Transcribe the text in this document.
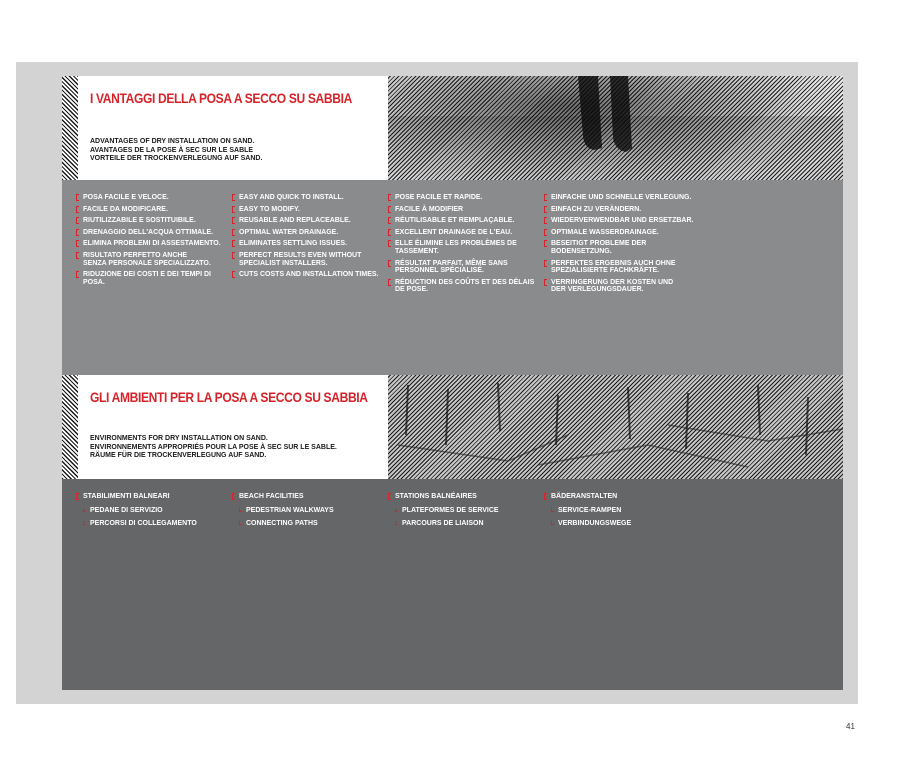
I VANTAGGI DELLA POSA A SECCO SU SABBIA
ADVANTAGES OF DRY INSTALLATION ON SAND.
AVANTAGES DE LA POSE À SEC SUR LE SABLE
VORTEILE DER TROCKENVERLEGUNG AUF SAND.
POSA FACILE E VELOCE.
FACILE DA MODIFICARE.
RIUTILIZZABILE E SOSTITUIBILE.
DRENAGGIO DELL'ACQUA OTTIMALE.
ELIMINA PROBLEMI DI ASSESTAMENTO.
RISULTATO PERFETTO ANCHE SENZA PERSONALE SPECIALIZZATO.
RIDUZIONE DEI COSTI E DEI TEMPI DI POSA.
EASY AND QUICK TO INSTALL.
EASY TO MODIFY.
REUSABLE AND REPLACEABLE.
OPTIMAL WATER DRAINAGE.
ELIMINATES SETTLING ISSUES.
PERFECT RESULTS EVEN WITHOUT SPECIALIST INSTALLERS.
CUTS COSTS AND INSTALLATION TIMES.
POSE FACILE ET RAPIDE.
FACILE À MODIFIER
RÉUTILISABLE ET REMPLAÇABLE.
EXCELLENT DRAINAGE DE L'EAU.
ELLE ÉLIMINE LES PROBLÈMES DE TASSEMENT.
RÉSULTAT PARFAIT, MÊME SANS PERSONNEL SPÉCIALISÉ.
RÉDUCTION DES COÛTS ET DES DÉLAIS DE POSE.
EINFACHE UND SCHNELLE VERLEGUNG.
EINFACH ZU VERÄNDERN.
WIEDERVERWENDBAR UND ERSETZBAR.
OPTIMALE WASSERDRAINAGE.
BESEITIGT PROBLEME DER BODENSETZUNG.
PERFEKTES ERGEBNIS AUCH OHNE SPEZIALISIERTE FACHKRÄFTE.
VERRINGERUNG DER KOSTEN UND DER VERLEGUNGSDAUER.
GLI AMBIENTI PER LA POSA A SECCO SU SABBIA
ENVIRONMENTS FOR DRY INSTALLATION ON SAND.
ENVIRONNEMENTS APPROPRIÉS POUR LA POSE À SEC SUR LE SABLE.
RÄUME FÜR DIE TROCKENVERLEGUNG AUF SAND.
STABILIMENTI BALNEARI
PEDANE DI SERVIZIO
PERCORSI DI COLLEGAMENTO
BEACH FACILITIES
PEDESTRIAN WALKWAYS
CONNECTING PATHS
STATIONS BALNÉAIRES
PLATEFORMES DE SERVICE
PARCOURS DE LIAISON
BÄDERANSTALTEN
SERVICE-RAMPEN
VERBINDUNGSWEGE
41
